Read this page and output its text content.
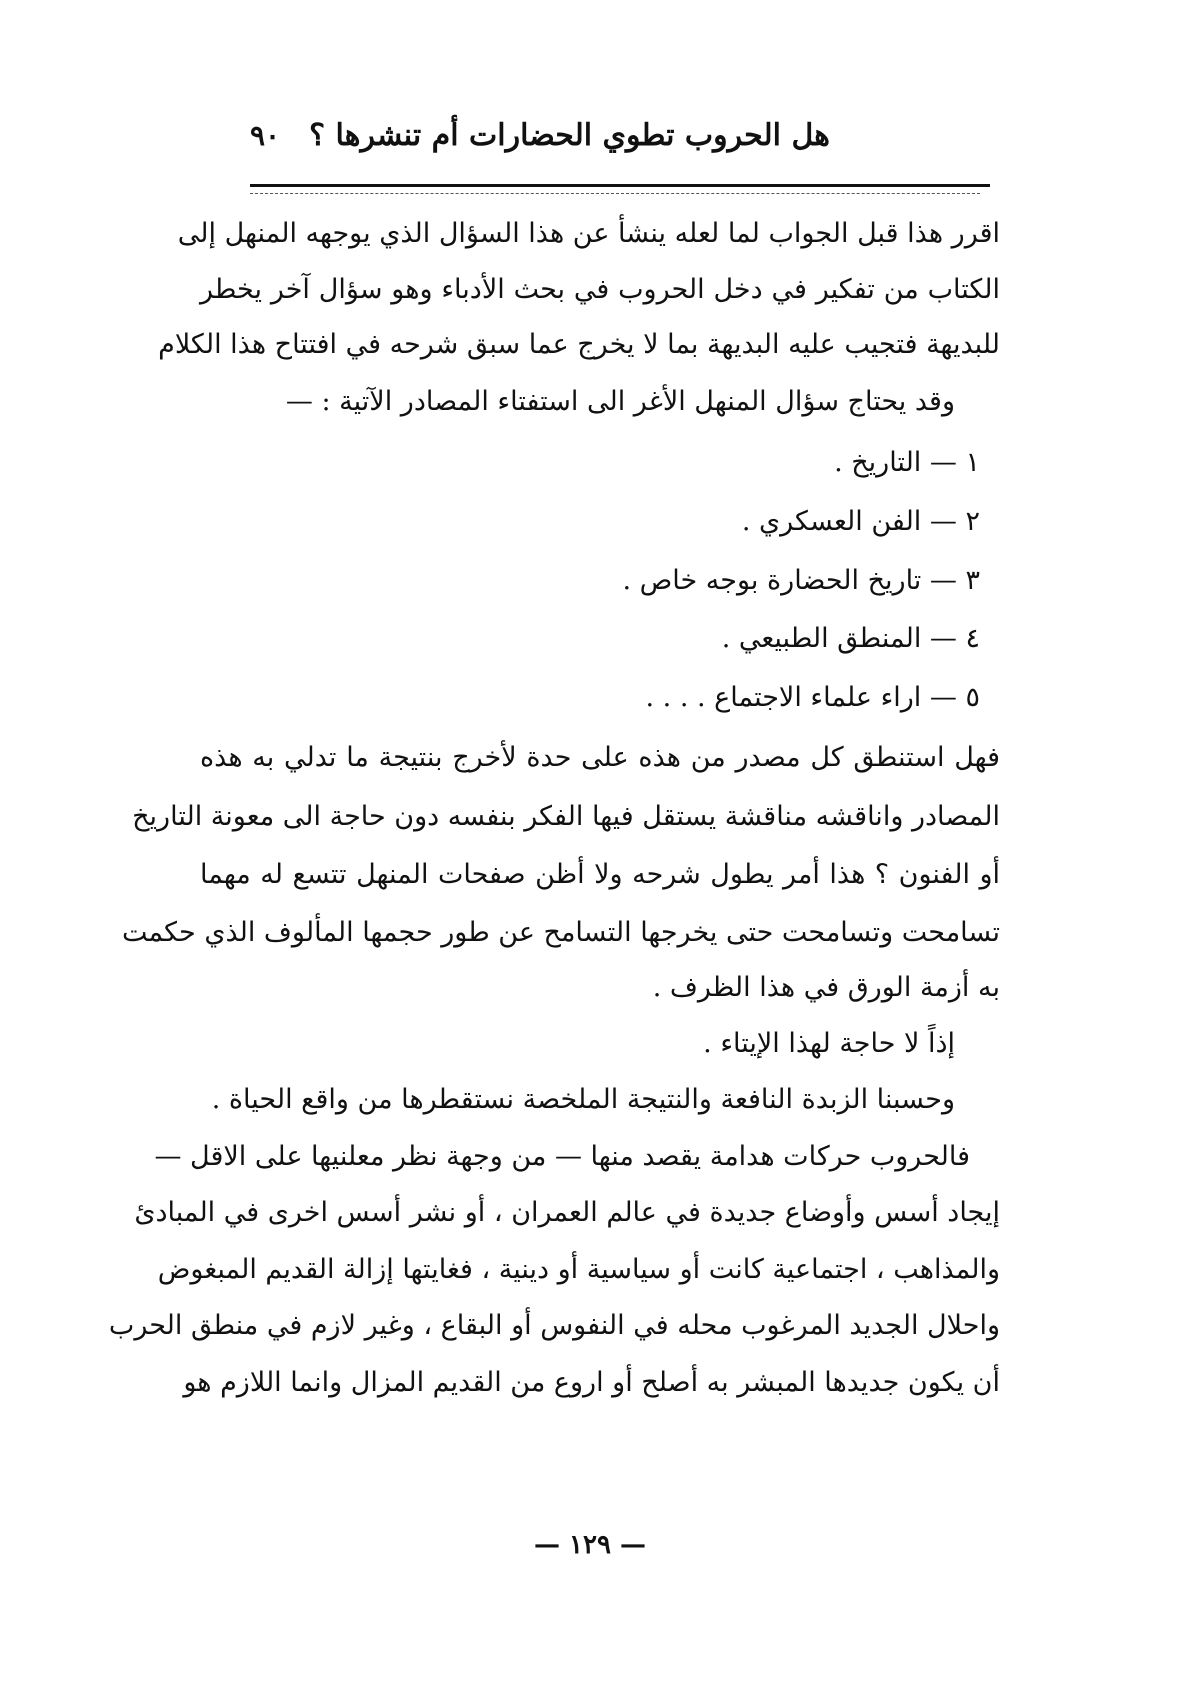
هل الحروب تطوي الحضارات أم تنشرها ؟
٩٠
اقرر هذا قبل الجواب لما لعله ينشأ عن هذا السؤال الذي يوجهه المنهل إلى
الكتاب من تفكير في دخل الحروب في بحث الأدباء وهو سؤال آخر يخطر
للبديهة فتجيب عليه البديهة بما لا يخرج عما سبق شرحه في افتتاح هذا الكلام
وقد يحتاج سؤال المنهل الأغر الى استفتاء المصادر الآتية : —
١ — التاريخ .
٢ — الفن العسكري .
٣ — تاريخ الحضارة بوجه خاص .
٤ — المنطق الطبيعي .
٥ — اراء علماء الاجتماع . . . .
فهل استنطق كل مصدر من هذه على حدة لأخرج بنتيجة ما تدلي به هذه
المصادر واناقشه مناقشة يستقل فيها الفكر بنفسه دون حاجة الى معونة التاريخ
أو الفنون ؟ هذا أمر يطول شرحه ولا أظن صفحات المنهل تتسع له مهما
تسامحت وتسامحت حتى يخرجها التسامح عن طور حجمها المألوف الذي حكمت
به أزمة الورق في هذا الظرف .
إذاً لا حاجة لهذا الإيتاء .
وحسبنا الزبدة النافعة والنتيجة الملخصة نستقطرها من واقع الحياة .
فالحروب حركات هدامة يقصد منها — من وجهة نظر معلنيها على الاقل —
إيجاد أسس وأوضاع جديدة في عالم العمران ، أو نشر أسس اخرى في المبادئ
والمذاهب ، اجتماعية كانت أو سياسية أو دينية ، فغايتها إزالة القديم المبغوض
واحلال الجديد المرغوب محله في النفوس أو البقاع ، وغير لازم في منطق الحرب
أن يكون جديدها المبشر به أصلح أو اروع من القديم المزال وانما اللازم هو
— ١٢٩ —
